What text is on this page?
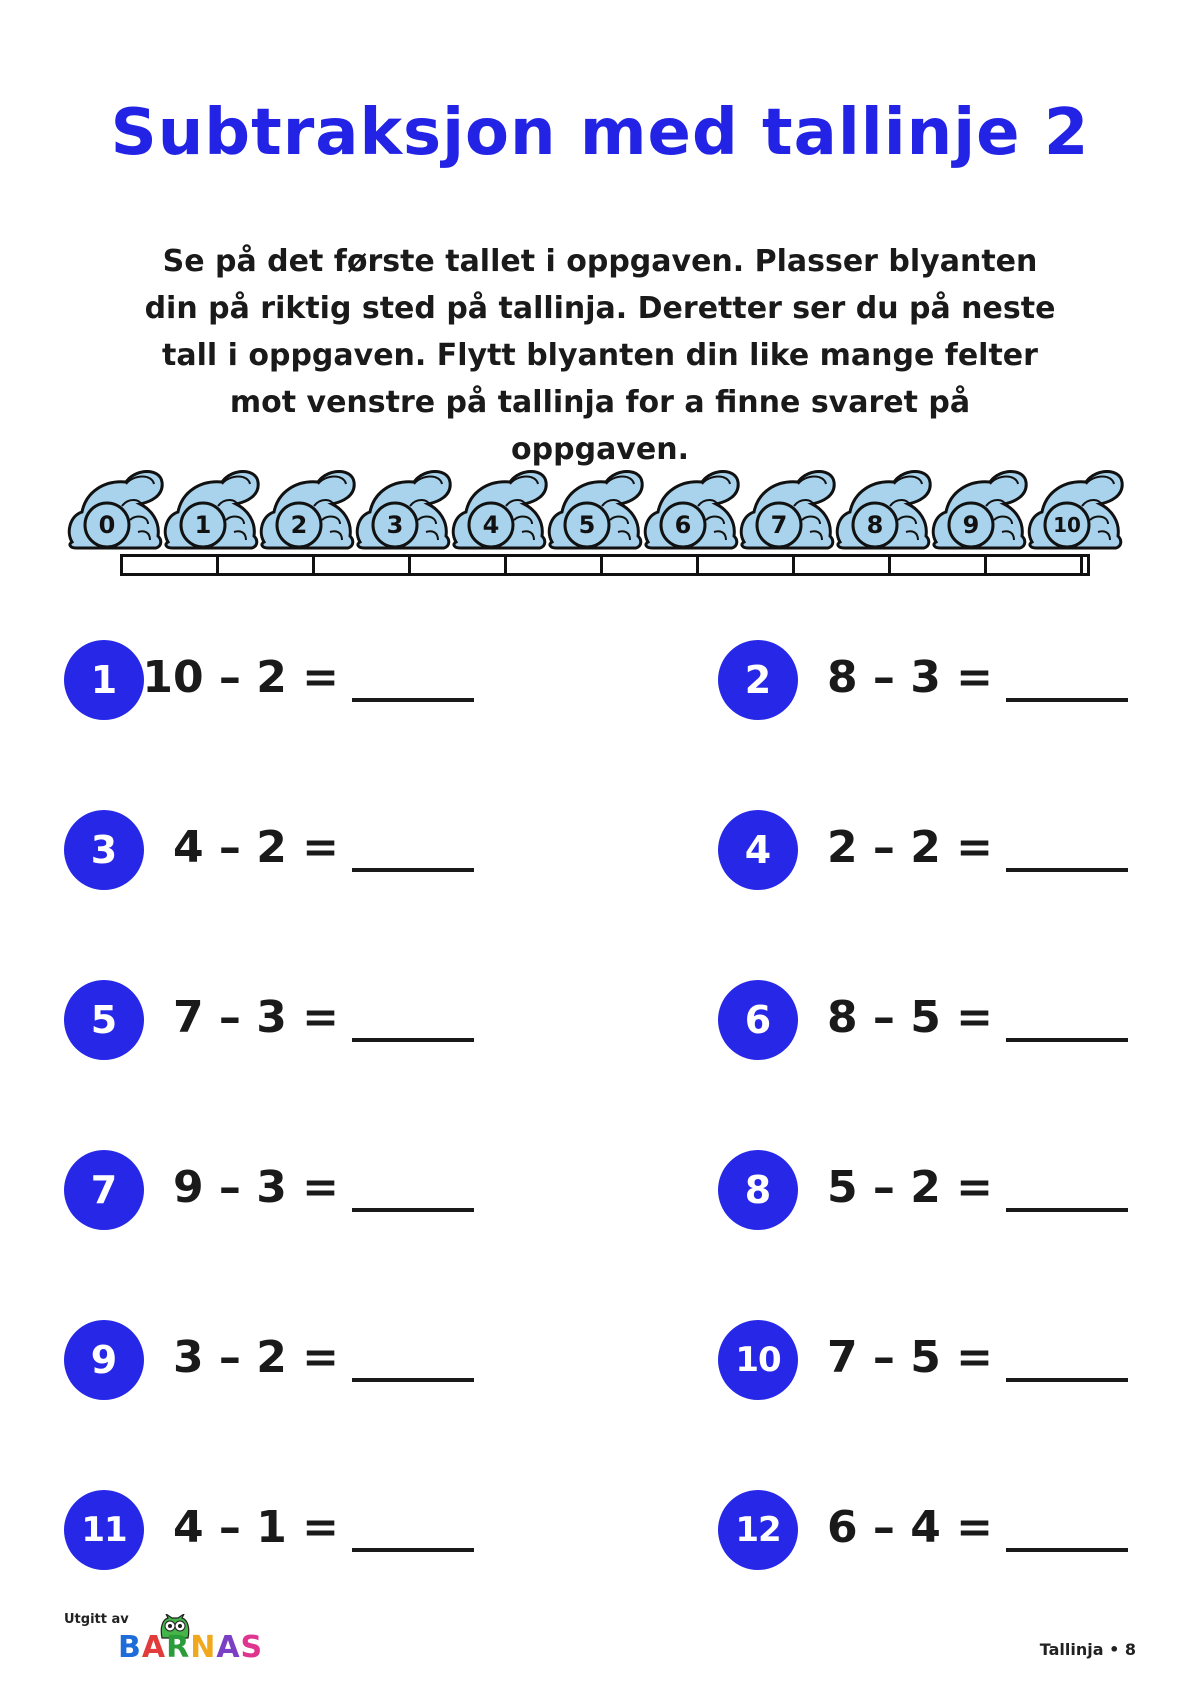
Subtraksjon med tallinje 2
Se på det første tallet i oppgaven. Plasser blyanten din på riktig sted på tallinja. Deretter ser du på neste tall i oppgaven. Flytt blyanten din like mange felter mot venstre på tallinja for a finne svaret på oppgaven.
0	1	2	3	4	5	6	7	8	9	10
1 10 – 2 =	2	8 – 3 =
3	4 – 2 =	4	2 – 2 =
5	7 – 3 =	6	8 – 5 =
7	9 – 3 =	8	5 – 2 =
9	3 – 2 =	10	7 – 5 =
11	4 – 1 =	12	6 – 4 =
Utgitt av
BARNAS	Tallinja • 8
